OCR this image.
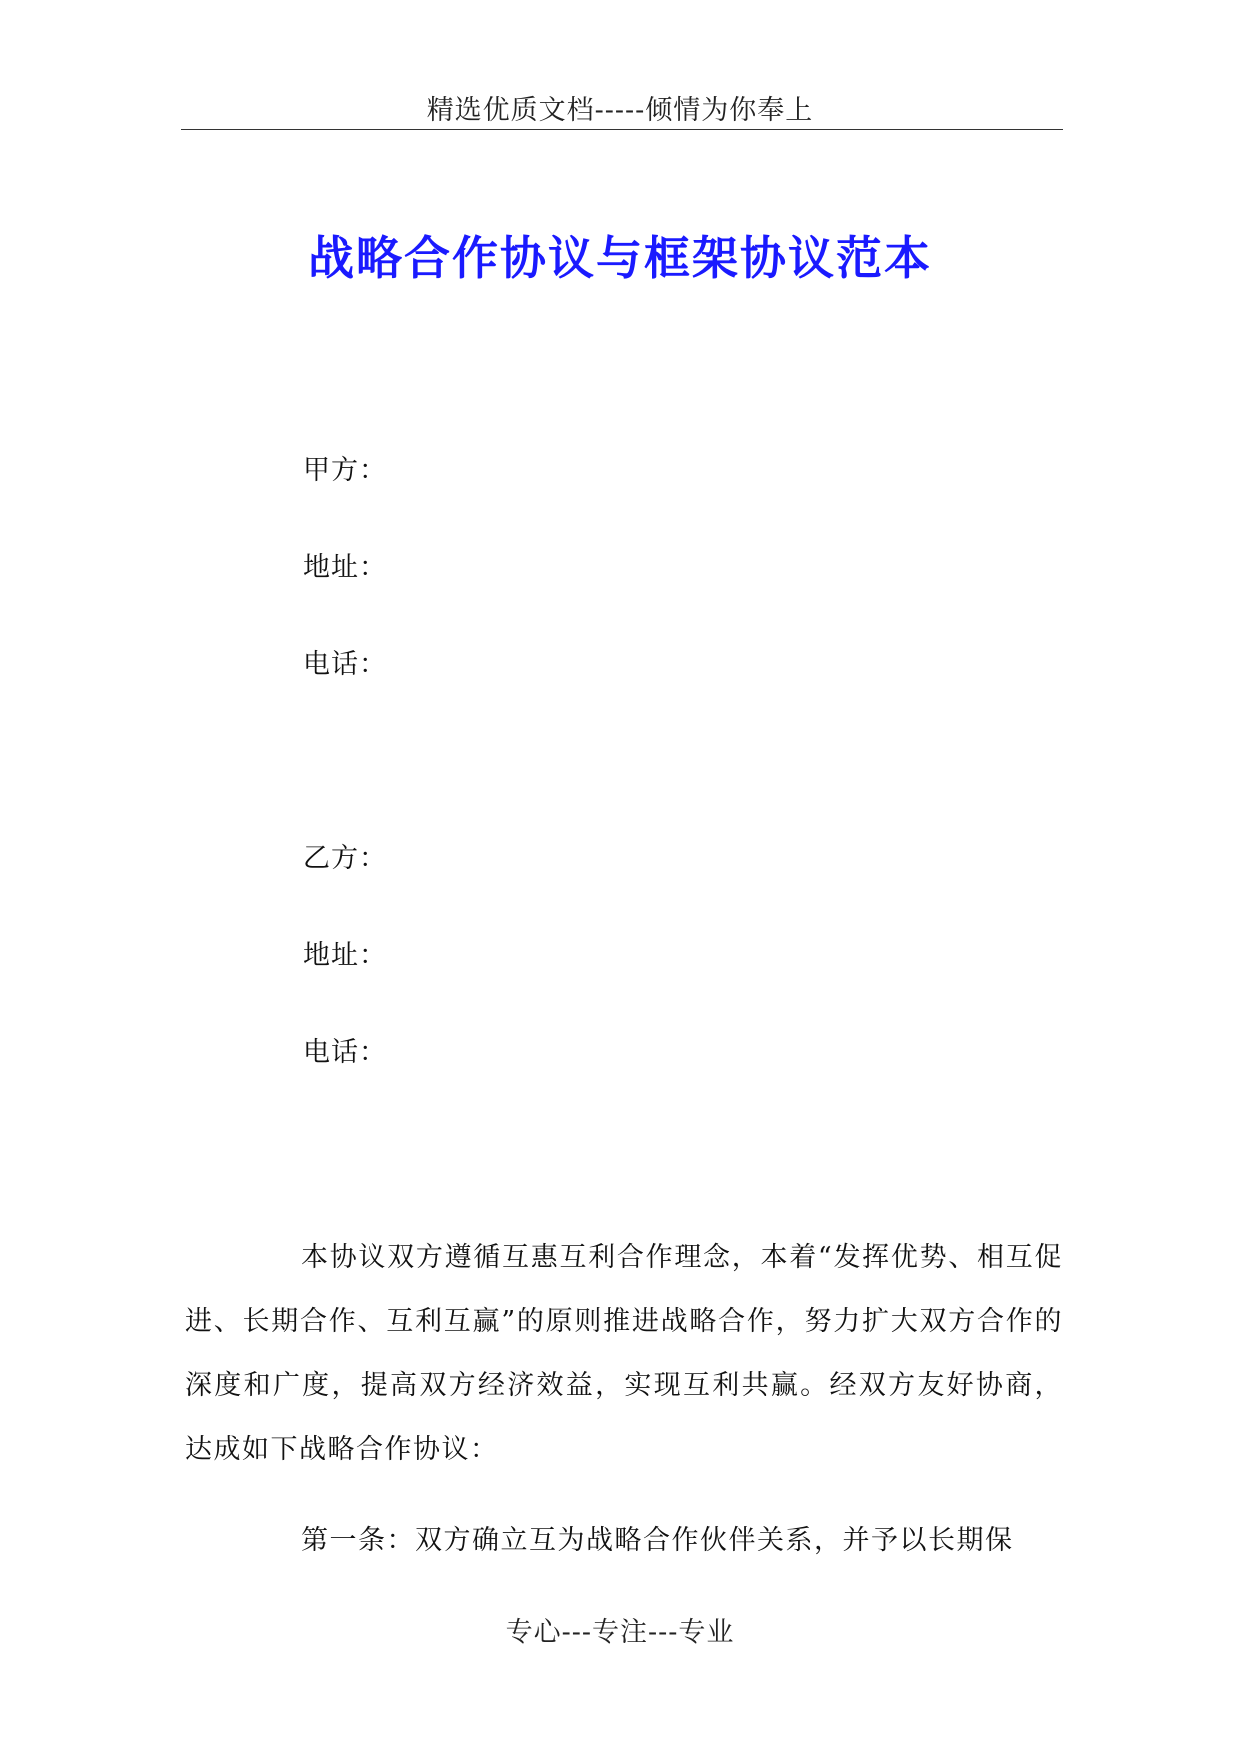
精选优质文档-----倾情为你奉上
战略合作协议与框架协议范本
甲方：
地址：
电话：
乙方：
地址：
电话：

本协议双方遵循互惠互利合作理念，本着“发挥优势、相互促进、长期合作、互利互赢”的原则推进战略合作，努力扩大双方合作的深度和广度，提高双方经济效益，实现互利共赢。经双方友好协商，达成如下战略合作协议：

第一条：双方确立互为战略合作伙伴关系，并予以长期保

专心---专注---专业
